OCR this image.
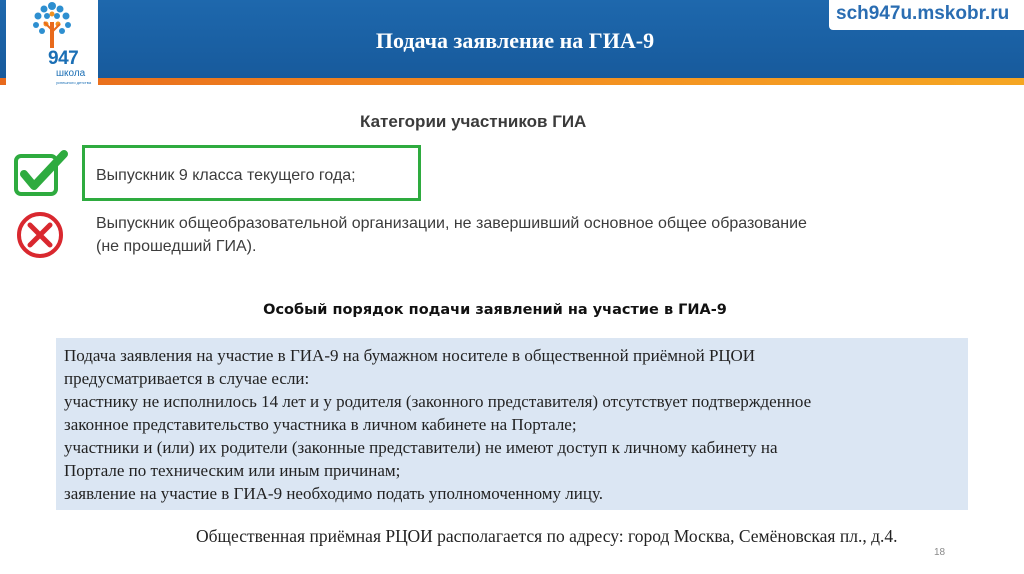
947
школа
успешного детства
Подача заявление на ГИА-9
sch947u.mskobr.ru
Категории участников ГИА
Выпускник 9 класса текущего года;
Выпускник общеобразовательной организации, не завершивший основное общее образование
(не прошедший ГИА).
Особый порядок подачи заявлений на участие в ГИА-9
Подача заявления на участие в ГИА-9 на бумажном носителе в общественной приёмной РЦОИ
предусматривается в случае если:
участнику не исполнилось 14 лет и у родителя (законного представителя) отсутствует подтвержденное
законное представительство участника в личном кабинете на Портале;
участники и (или) их родители (законные представители) не имеют доступ к личному кабинету на
Портале по техническим или иным причинам;
заявление на участие в ГИА-9 необходимо подать уполномоченному лицу.
Общественная приёмная РЦОИ располагается по адресу: город Москва, Семёновская пл., д.4.
18
